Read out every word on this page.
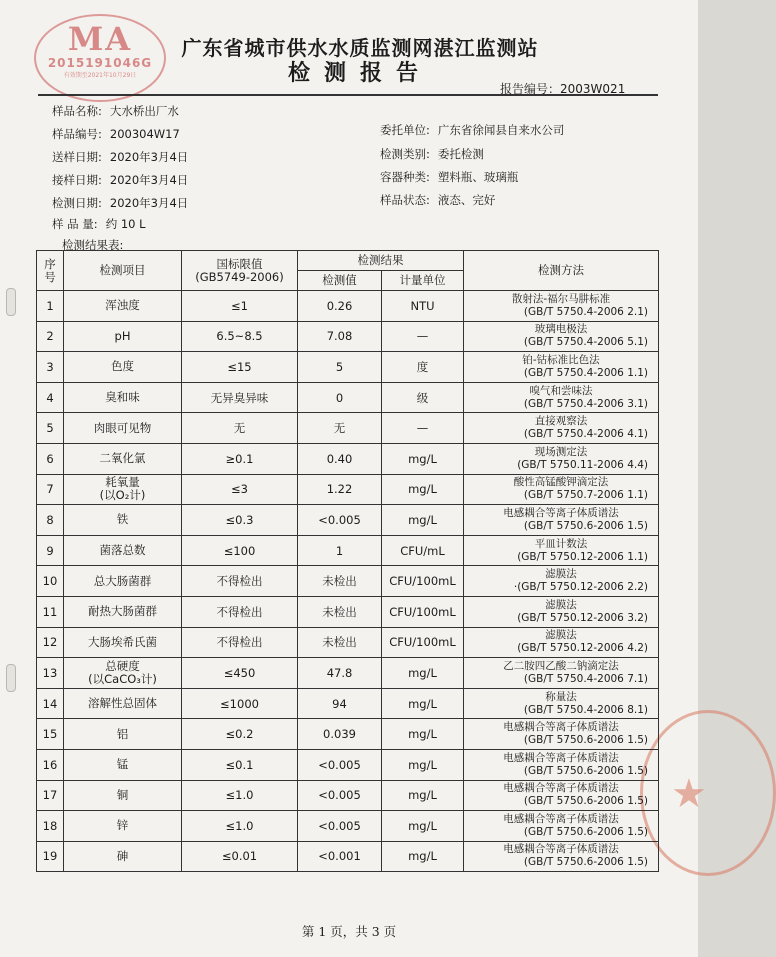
MA
2015191046G
有效期至2021年10月29日
★
广东省城市供水水质监测网湛江监测站
检测报告
报告编号：2003W021
样品名称: 大水桥出厂水
样品编号: 200304W17	委托单位: 广东省徐闻县自来水公司
送样日期: 2020年3月4日	检测类别: 委托检测
接样日期: 2020年3月4日	容器种类: 塑料瓶、玻璃瓶
检测日期: 2020年3月4日	样品状态: 液态、完好
样 品 量: 约 10 L
检测结果表:
序
号	检测项目	国标限值
(GB5749-2006)	检测结果		检测方法
			检测值	计量单位	
1	浑浊度	≤1	0.26	NTU	散射法-福尔马肼标准
(GB/T 5750.4-2006 2.1)

2	pH	6.5~8.5	7.08	—	玻璃电极法
(GB/T 5750.4-2006 5.1)

3	色度	≤15	5	度	铂-钴标准比色法
(GB/T 5750.4-2006 1.1)

4	臭和味	无异臭异味	0	级	嗅气和尝味法
(GB/T 5750.4-2006 3.1)

5	肉眼可见物	无	无	—	直接观察法
(GB/T 5750.4-2006 4.1)

6	二氧化氯	≥0.1	0.40	mg/L	现场测定法
(GB/T 5750.11-2006 4.4)

7	耗氧量
(以O₂计)	≤3	1.22	mg/L	酸性高锰酸钾滴定法
(GB/T 5750.7-2006 1.1)

8	铁	≤0.3	<0.005	mg/L	电感耦合等离子体质谱法
(GB/T 5750.6-2006 1.5)

9	菌落总数	≤100	1	CFU/mL	平皿计数法
(GB/T 5750.12-2006 1.1)

10	总大肠菌群	不得检出	未检出	CFU/100mL	滤膜法
·(GB/T 5750.12-2006 2.2)

11	耐热大肠菌群	不得检出	未检出	CFU/100mL	滤膜法
(GB/T 5750.12-2006 3.2)

12	大肠埃希氏菌	不得检出	未检出	CFU/100mL	滤膜法
(GB/T 5750.12-2006 4.2)

13	总硬度
(以CaCO₃计)	≤450	47.8	mg/L	乙二胺四乙酸二钠滴定法
(GB/T 5750.4-2006 7.1)

14	溶解性总固体	≤1000	94	mg/L	称量法
(GB/T 5750.4-2006 8.1)

15	铝	≤0.2	0.039	mg/L	电感耦合等离子体质谱法
(GB/T 5750.6-2006 1.5)

16	锰	≤0.1	<0.005	mg/L	电感耦合等离子体质谱法
(GB/T 5750.6-2006 1.5)

17	铜	≤1.0	<0.005	mg/L	电感耦合等离子体质谱法
(GB/T 5750.6-2006 1.5)

18	锌	≤1.0	<0.005	mg/L	电感耦合等离子体质谱法
(GB/T 5750.6-2006 1.5)

19	砷	≤0.01	<0.001	mg/L	电感耦合等离子体质谱法
(GB/T 5750.6-2006 1.5)
第 1 页，共 3 页
